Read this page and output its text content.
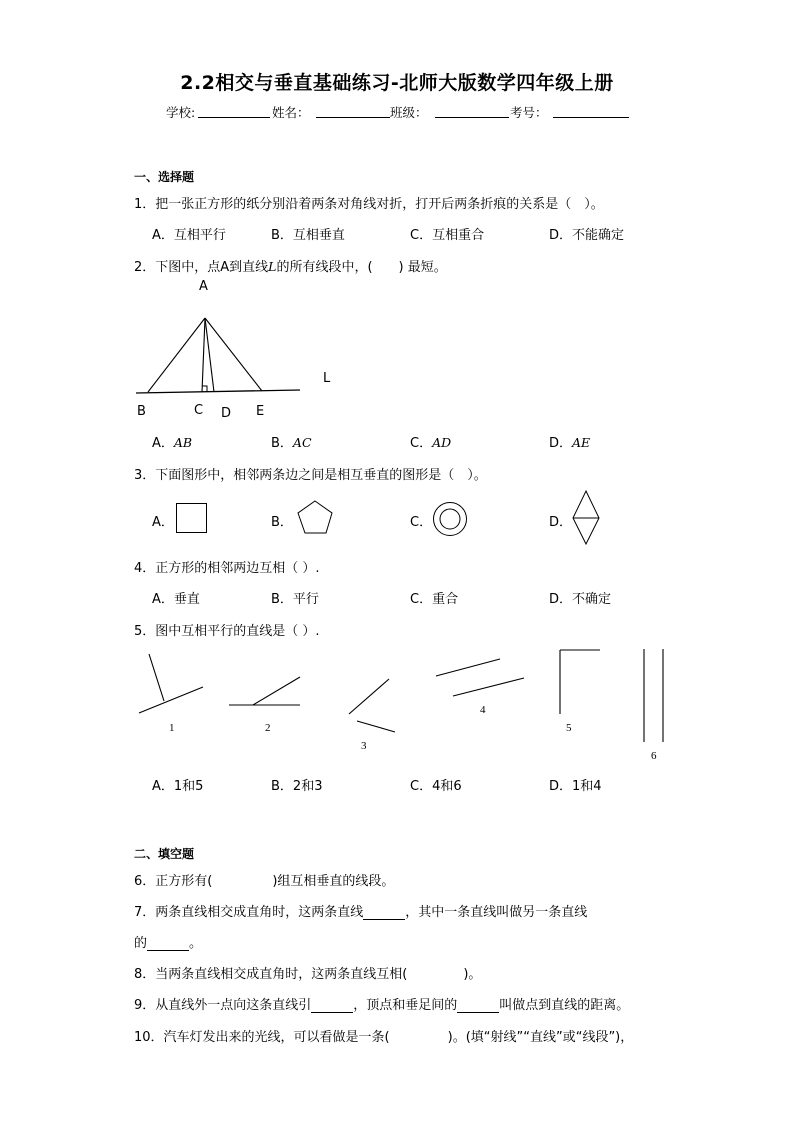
2.2相交与垂直基础练习-北师大版数学四年级上册
学校:	姓名：	班级：	考号：
一、选择题
1．把一张正方形的纸分别沿着两条对角线对折，打开后两条折痕的关系是（　）。
A．互相平行	B．互相垂直	C．互相重合	D．不能确定
2．下图中，点A到直线L的所有线段中，(　　) 最短。
A
B	C D E
L
A．AB	B．AC	C．AD	D．AE
3．下面图形中，相邻两条边之间是相互垂直的图形是（　）。
A．	B．	C．	D．
4．正方形的相邻两边互相（ ）.
A．垂直	B．平行	C．重合	D．不确定
5．图中互相平行的直线是（ ）.
1	2
3
4
5
6
A．1和5	B．2和3	C．4和6	D．1和4
二、填空题
6．正方形有(	)组互相垂直的线段。
7．两条直线相交成直角时，这两条直线	，其中一条直线叫做另一条直线
的	。
8．当两条直线相交成直角时，这两条直线互相(	)。
9．从直线外一点向这条直线引	，顶点和垂足间的	叫做点到直线的距离。
10．汽车灯发出来的光线，可以看做是一条(	)。(填“射线”“直线”或“线段”)，
